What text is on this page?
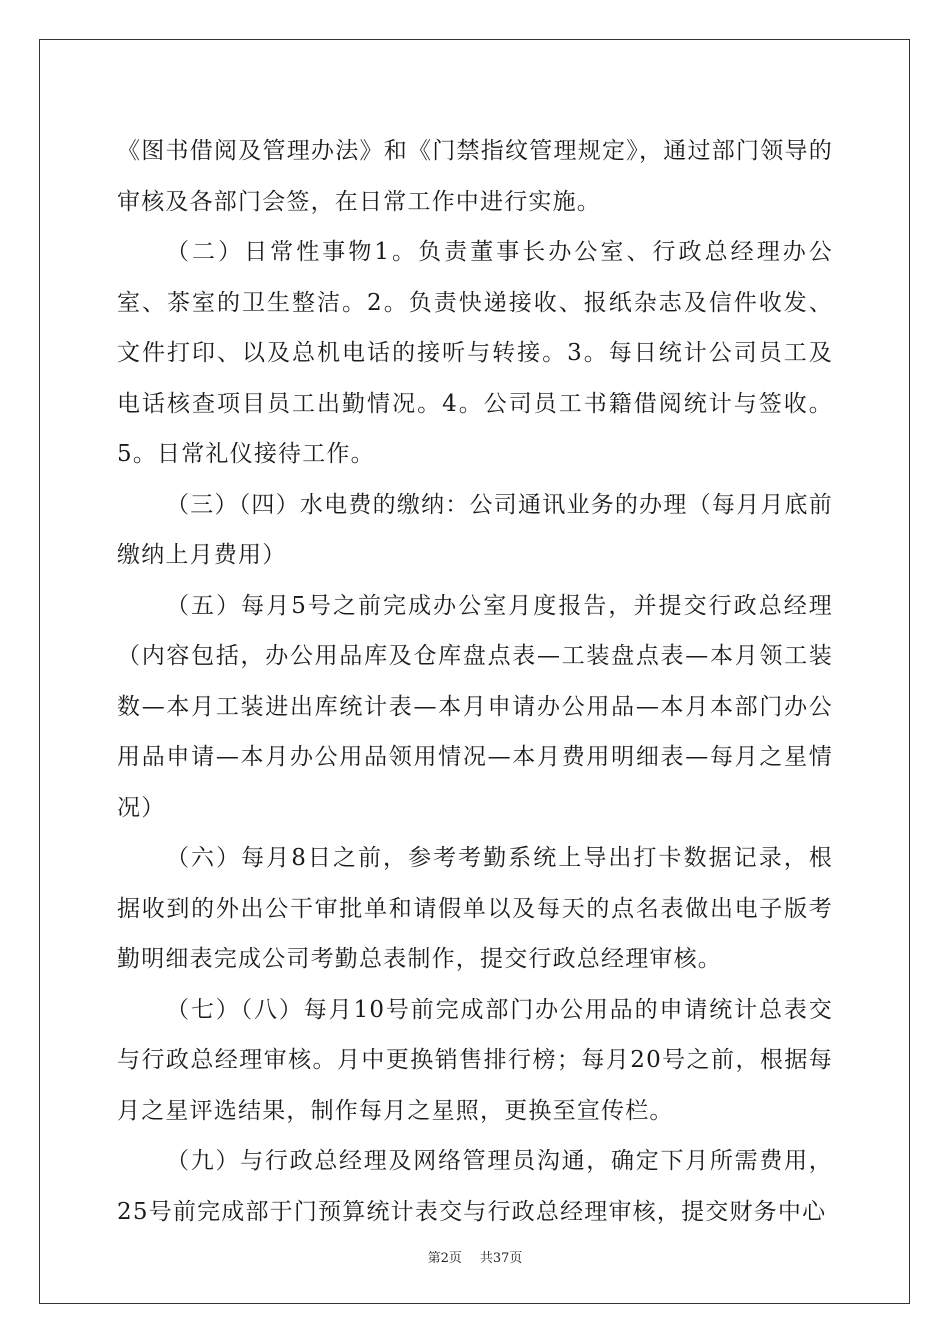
《图书借阅及管理办法》和《门禁指纹管理规定》，通过部门领导的审核及各部门会签，在日常工作中进行实施。

（二）日常性事物1。负责董事长办公室、行政总经理办公室、茶室的卫生整洁。2。负责快递接收、报纸杂志及信件收发、文件打印、以及总机电话的接听与转接。3。每日统计公司员工及电话核查项目员工出勤情况。4。公司员工书籍借阅统计与签收。5。日常礼仪接待工作。

（三）（四）水电费的缴纳：公司通讯业务的办理（每月月底前缴纳上月费用）

（五）每月5号之前完成办公室月度报告，并提交行政总经理（内容包括，办公用品库及仓库盘点表—工装盘点表—本月领工装数—本月工装进出库统计表—本月申请办公用品—本月本部门办公用品申请—本月办公用品领用情况—本月费用明细表—每月之星情况）

（六）每月8日之前，参考考勤系统上导出打卡数据记录，根据收到的外出公干审批单和请假单以及每天的点名表做出电子版考勤明细表完成公司考勤总表制作，提交行政总经理审核。

（七）（八）每月10号前完成部门办公用品的申请统计总表交与行政总经理审核。月中更换销售排行榜；每月20号之前，根据每月之星评选结果，制作每月之星照，更换至宣传栏。

（九）与行政总经理及网络管理员沟通，确定下月所需费用，25号前完成部于门预算统计表交与行政总经理审核，提交财务中心

第2页 共37页
